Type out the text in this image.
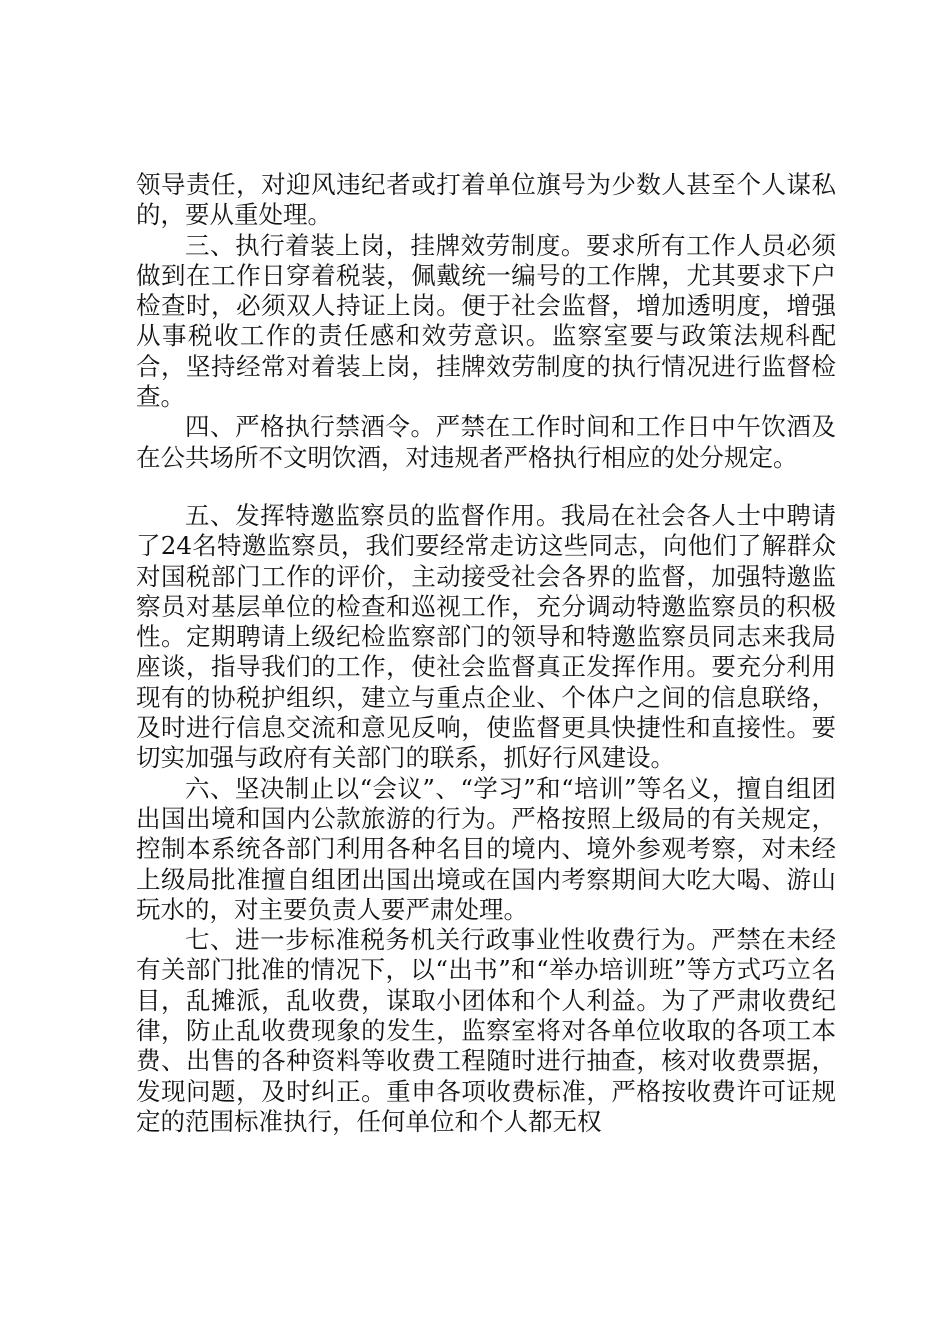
领导责任，对迎风违纪者或打着单位旗号为少数人甚至个人谋私的，要从重处理。

三、执行着装上岗，挂牌效劳制度。要求所有工作人员必须做到在工作日穿着税装，佩戴统一编号的工作牌，尤其要求下户检查时，必须双人持证上岗。便于社会监督，增加透明度，增强从事税收工作的责任感和效劳意识。监察室要与政策法规科配合，坚持经常对着装上岗，挂牌效劳制度的执行情况进行监督检查。

四、严格执行禁酒令。严禁在工作时间和工作日中午饮酒及在公共场所不文明饮酒，对违规者严格执行相应的处分规定。

五、发挥特邀监察员的监督作用。我局在社会各人士中聘请了24名特邀监察员，我们要经常走访这些同志，向他们了解群众对国税部门工作的评价，主动接受社会各界的监督，加强特邀监察员对基层单位的检查和巡视工作，充分调动特邀监察员的积极性。定期聘请上级纪检监察部门的领导和特邀监察员同志来我局座谈，指导我们的工作，使社会监督真正发挥作用。要充分利用现有的协税护组织，建立与重点企业、个体户之间的信息联络，及时进行信息交流和意见反响，使监督更具快捷性和直接性。要切实加强与政府有关部门的联系，抓好行风建设。

六、坚决制止以“会议”、“学习”和“培训”等名义，擅自组团出国出境和国内公款旅游的行为。严格按照上级局的有关规定，控制本系统各部门利用各种名目的境内、境外参观考察，对未经上级局批准擅自组团出国出境或在国内考察期间大吃大喝、游山玩水的，对主要负责人要严肃处理。

七、进一步标准税务机关行政事业性收费行为。严禁在未经有关部门批准的情况下，以“出书”和“举办培训班”等方式巧立名目，乱摊派，乱收费，谋取小团体和个人利益。为了严肃收费纪律，防止乱收费现象的发生，监察室将对各单位收取的各项工本费、出售的各种资料等收费工程随时进行抽查，核对收费票据，发现问题，及时纠正。重申各项收费标准，严格按收费许可证规定的范围标准执行，任何单位和个人都无权
